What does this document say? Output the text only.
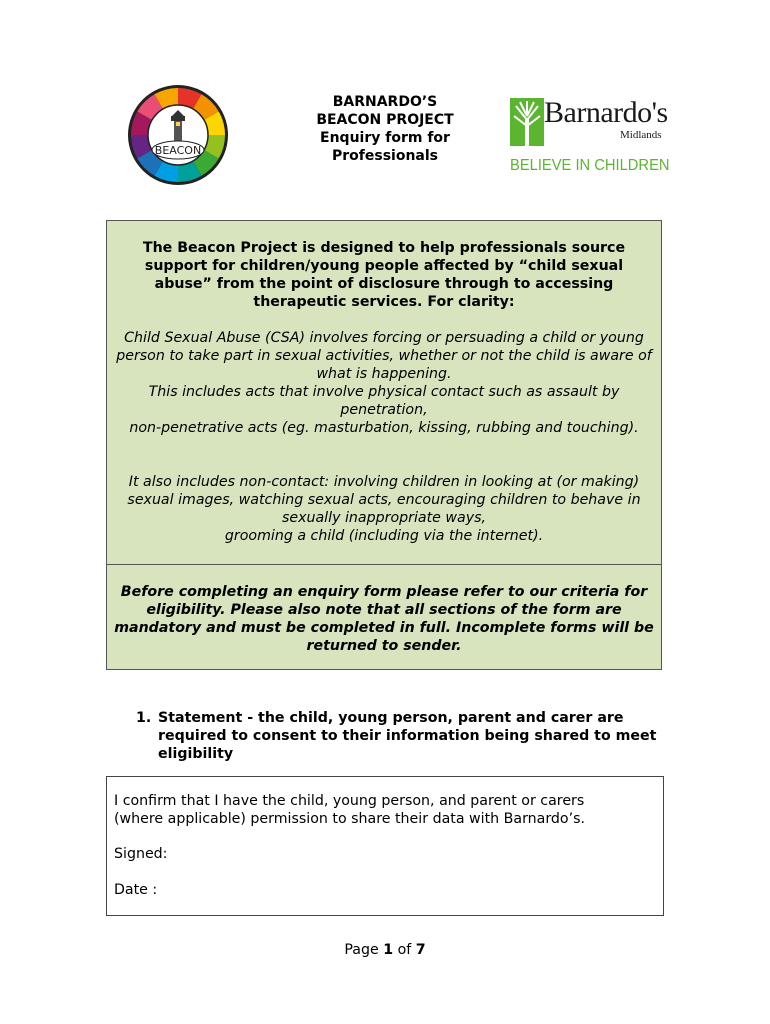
BEACON
BARNARDO’S
BEACON PROJECT
Enquiry form for Professionals
Barnardo's
Midlands
BELIEVE IN CHILDREN
The Beacon Project is designed to help professionals source support for children/young people affected by “child sexual abuse” from the point of disclosure through to accessing therapeutic services. For clarity:
Child Sexual Abuse (CSA) involves forcing or persuading a child or young person to take part in sexual activities, whether or not the child is aware of what is happening.
This includes acts that involve physical contact such as assault by penetration,
non-penetrative acts (eg. masturbation, kissing, rubbing and touching).
It also includes non-contact: involving children in looking at (or making) sexual images, watching sexual acts, encouraging children to behave in sexually inappropriate ways,
grooming a child (including via the internet).
Before completing an enquiry form please refer to our criteria for eligibility. Please also note that all sections of the form are mandatory and must be completed in full. Incomplete forms will be returned to sender.
1. Statement - the child, young person, parent and carer are required to consent to their information being shared to meet eligibility
I confirm that I have the child, young person, and parent or carers (where applicable) permission to share their data with Barnardo’s.
Signed:
Date :
Page 1 of 7
